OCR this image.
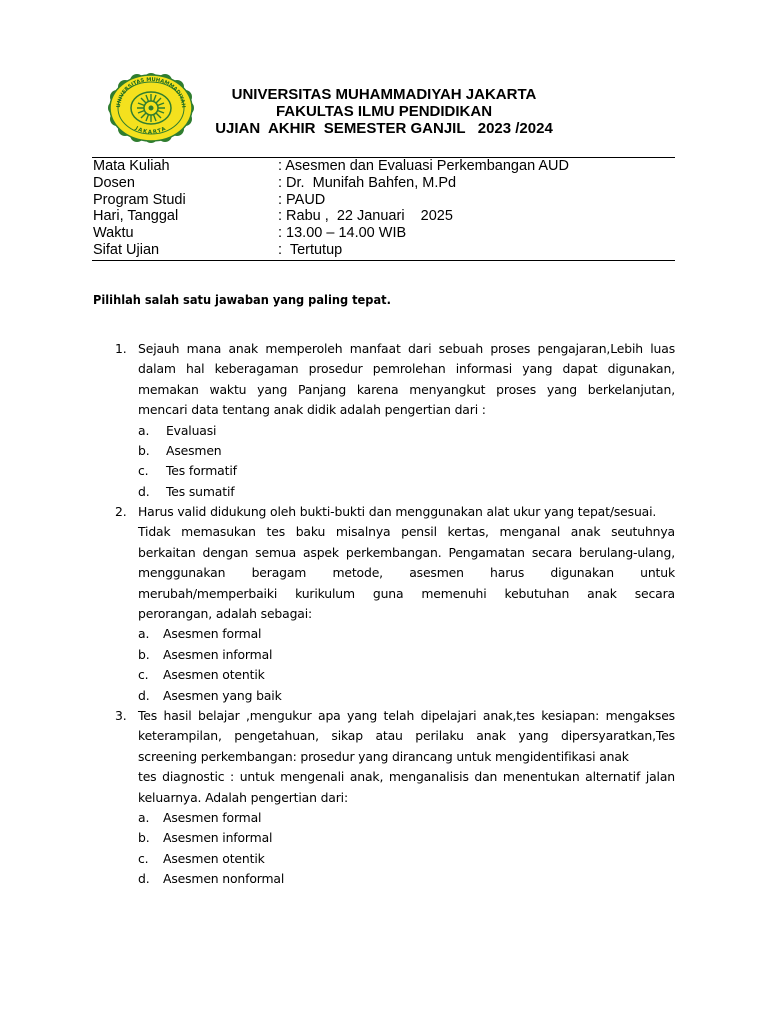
UNIVERSITAS MUHAMMADIYAH
JAKARTA
UNIVERSITAS MUHAMMADIYAH JAKARTA
FAKULTAS ILMU PENDIDIKAN
UJIAN  AKHIR  SEMESTER GANJIL   2023 /2024
Mata Kuliah	: Asesmen dan Evaluasi Perkembangan AUD
Dosen	: Dr.  Munifah Bahfen, M.Pd
Program Studi	: PAUD
Hari, Tanggal	: Rabu ,  22 Januari    2025
Waktu	: 13.00 – 14.00 WIB
Sifat Ujian	:  Tertutup
Pilihlah salah satu jawaban yang paling tepat.
1. Sejauh mana anak memperoleh manfaat dari sebuah proses pengajaran,Lebih luas
dalam hal keberagaman prosedur pemrolehan informasi yang dapat digunakan,
memakan waktu yang Panjang karena menyangkut proses yang berkelanjutan,
mencari data tentang anak didik adalah pengertian dari :
a. Evaluasi
b. Asesmen
c. Tes formatif
d. Tes sumatif
2. Harus valid didukung oleh bukti-bukti dan menggunakan alat ukur yang tepat/sesuai.
Tidak memasukan tes baku misalnya pensil kertas, menganal anak seutuhnya
berkaitan dengan semua aspek perkembangan. Pengamatan secara berulang-ulang,
menggunakan beragam metode, asesmen harus digunakan untuk
merubah/memperbaiki kurikulum guna memenuhi kebutuhan anak secara
perorangan, adalah sebagai:
a. Asesmen formal
b. Asesmen informal
c. Asesmen otentik
d. Asesmen yang baik
3. Tes hasil belajar ,mengukur apa yang telah dipelajari anak,tes kesiapan: mengakses
keterampilan, pengetahuan, sikap atau perilaku anak yang dipersyaratkan,Tes
screening perkembangan: prosedur yang dirancang untuk mengidentifikasi anak
tes diagnostic : untuk mengenali anak, menganalisis dan menentukan alternatif jalan
keluarnya. Adalah pengertian dari:
a. Asesmen formal
b. Asesmen informal
c. Asesmen otentik
d. Asesmen nonformal
